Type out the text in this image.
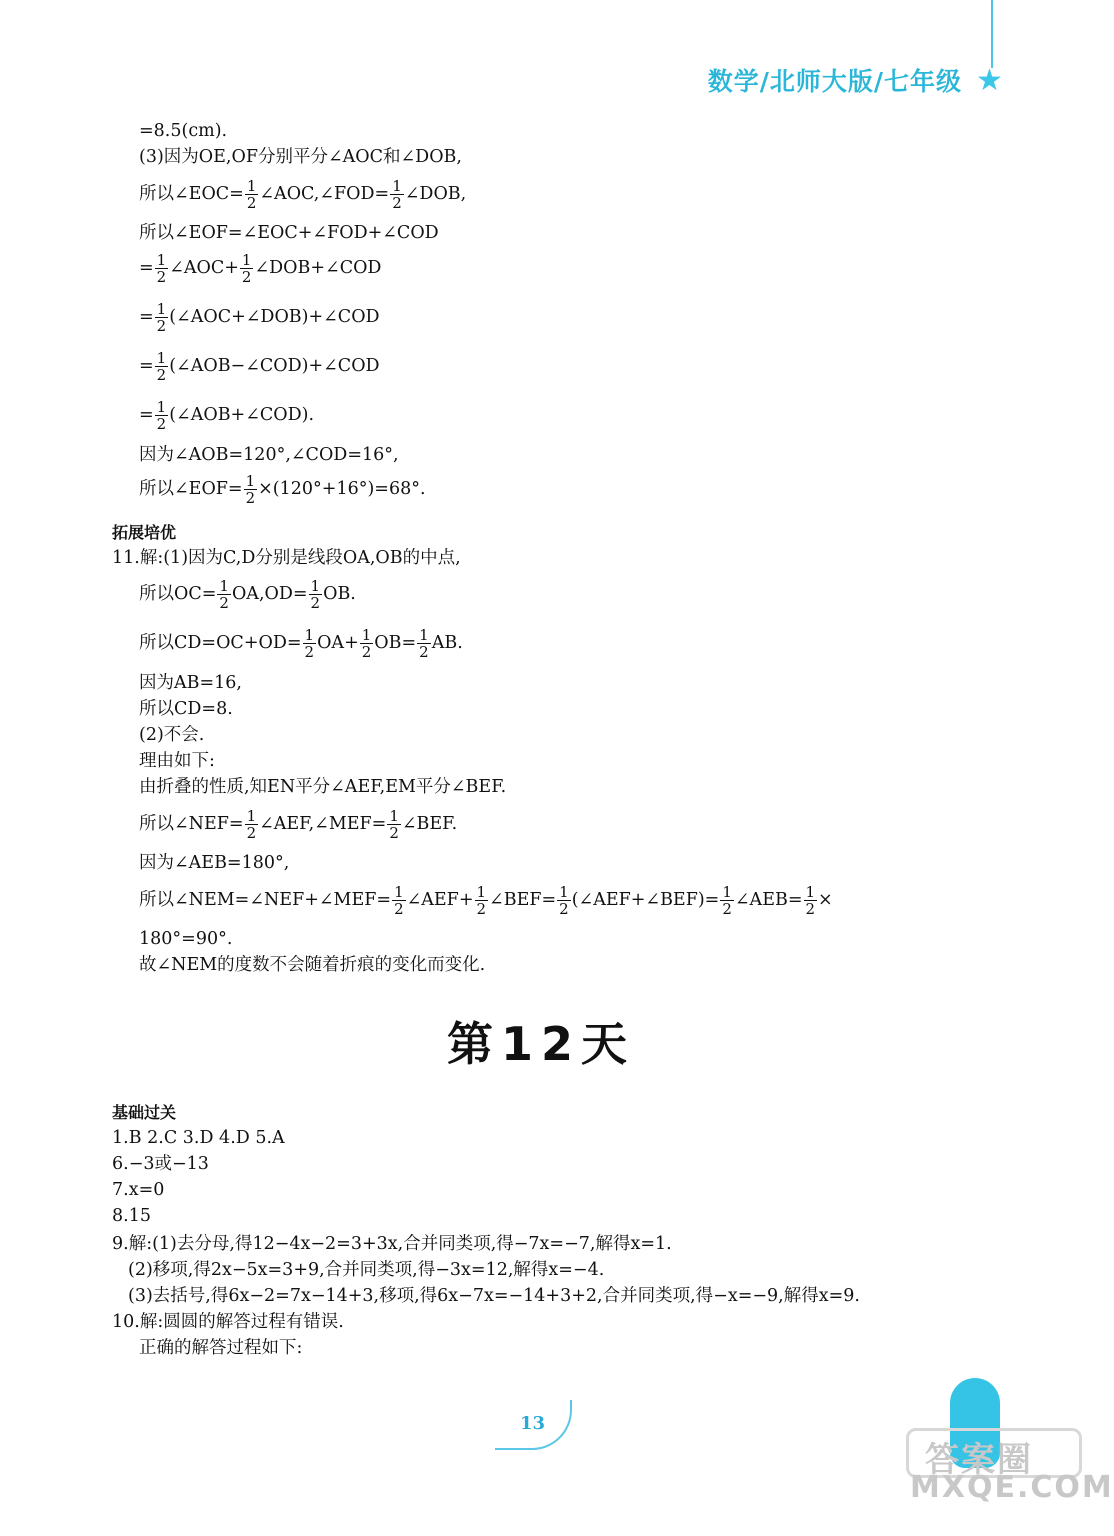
数学/北师大版/七年级 ★
=8.5(cm).
(3)因为OE,OF分别平分∠AOC和∠DOB,
所以∠EOC= $\frac{1}{2}$ ∠AOC,∠FOD= $\frac{1}{2}$ ∠DOB,
所以∠EOF=∠EOC+∠FOD+∠COD
= $\frac{1}{2}$ ∠AOC+ $\frac{1}{2}$ ∠DOB+∠COD
= $\frac{1}{2}$ (∠AOC+∠DOB)+∠COD
= $\frac{1}{2}$ (∠AOB−∠COD)+∠COD
= $\frac{1}{2}$ (∠AOB+∠COD).
因为∠AOB=120°,∠COD=16°,
所以∠EOF= $\frac{1}{2} \times(120^\circ+16^\circ)=68^\circ$.
拓展培优
11.解:(1)因为C,D分别是线段OA,OB的中点,
所以$OC= \frac{1}{2} OA,OD= \frac{1}{2}$ OB.
所以$CD=OC+OD= \frac{1}{2} OA+ \frac{1}{2} OB= \frac{1}{2}$ AB.
因为AB=16,
所以CD=8.
(2)不会.
理由如下:
由折叠的性质,知EN平分∠AEF,EM平分∠BEF.
所以∠NEF= $\frac{1}{2}$ ∠AEF,∠MEF= $\frac{1}{2}$ ∠BEF.
因为∠AEB=180°,
所以∠NEM=∠NEF+∠MEF= $\frac{1}{2}$ ∠AEF+ $\frac{1}{2}$ ∠BEF= $\frac{1}{2}$ (∠AEF+∠BEF)= $\frac{1}{2}$ ∠AEB= $\frac{1}{2}$ ×
180°=90°.
故∠NEM的度数不会随着折痕的变化而变化.
第12天
基础过关
1.B 2.C 3.D 4.D 5.A
6.−3或−13
7.x=0
8.15
9.解:(1)去分母,得12−4x−2=3+3x,合并同类项,得−7x=−7,解得x=1.
(2)移项,得2x−5x=3+9,合并同类项,得−3x=12,解得x=−4.
(3)去括号,得6x−2=7x−14+3,移项,得6x−7x=−14+3+2,合并同类项,得−x=−9,解得x=9.
10.解:圆圆的解答过程有错误.
正确的解答过程如下:
13
答案圈
MXQE.COM
